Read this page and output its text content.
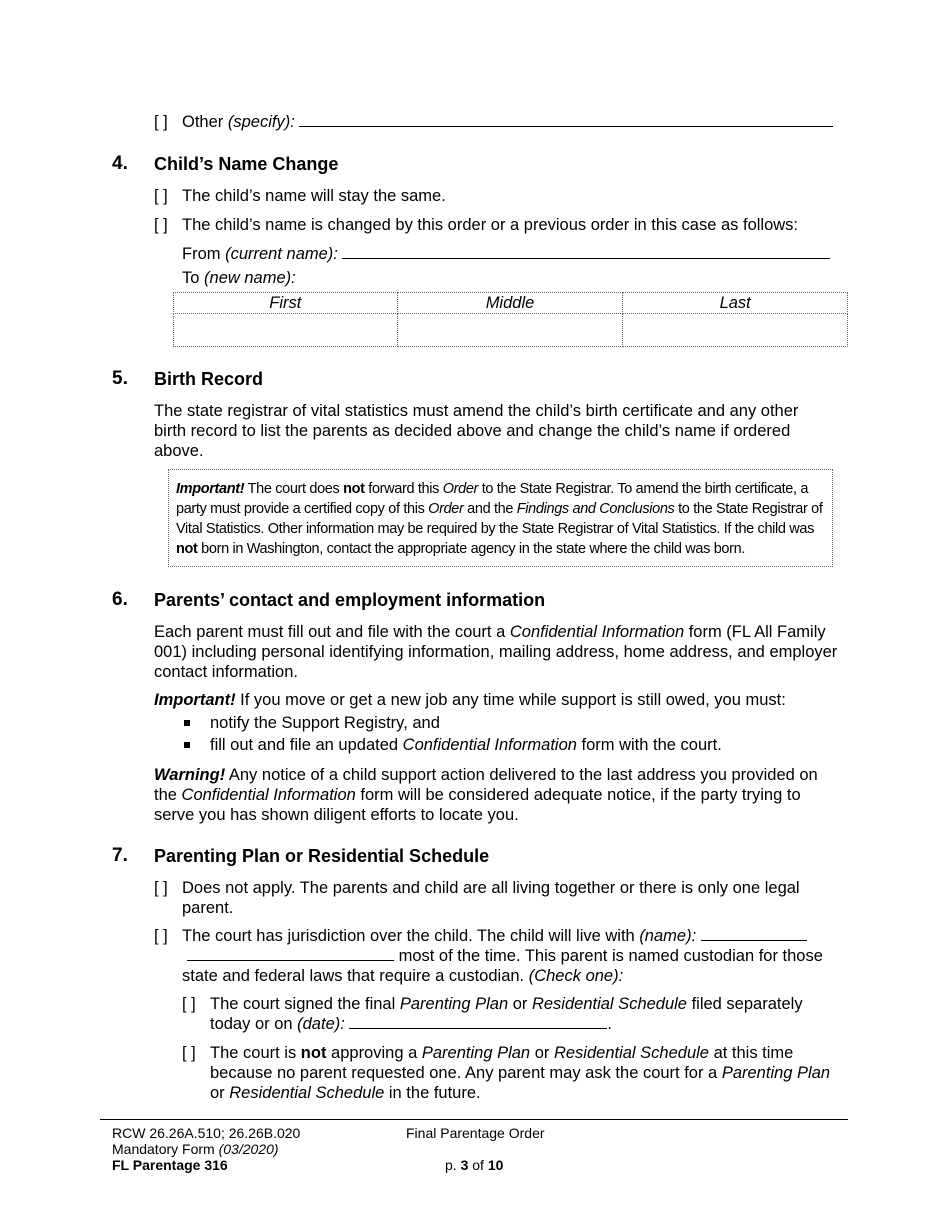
[ ] Other (specify):
4. Child’s Name Change
[ ] The child’s name will stay the same.
[ ] The child’s name is changed by this order or a previous order in this case as follows:
From (current name):
To (new name):
First	Middle	Last

5. Birth Record
The state registrar of vital statistics must amend the child’s birth certificate and any other birth record to list the parents as decided above and change the child’s name if ordered above.
Important! The court does not forward this Order to the State Registrar. To amend the birth certificate, a party must provide a certified copy of this Order and the Findings and Conclusions to the State Registrar of Vital Statistics. Other information may be required by the State Registrar of Vital Statistics. If the child was not born in Washington, contact the appropriate agency in the state where the child was born.
6. Parents’ contact and employment information
Each parent must fill out and file with the court a Confidential Information form (FL All Family 001) including personal identifying information, mailing address, home address, and employer contact information.
Important! If you move or get a new job any time while support is still owed, you must:
notify the Support Registry, and
fill out and file an updated Confidential Information form with the court.
Warning! Any notice of a child support action delivered to the last address you provided on the Confidential Information form will be considered adequate notice, if the party trying to serve you has shown diligent efforts to locate you.
7. Parenting Plan or Residential Schedule
[ ] Does not apply. The parents and child are all living together or there is only one legal parent.
[ ] The court has jurisdiction over the child. The child will live with (name):
most of the time. This parent is named custodian for those state and federal laws that require a custodian. (Check one):
[ ] The court signed the final Parenting Plan or Residential Schedule filed separately today or on (date):	.
[ ] The court is not approving a Parenting Plan or Residential Schedule at this time because no parent requested one. Any parent may ask the court for a Parenting Plan or Residential Schedule in the future.
RCW 26.26A.510; 26.26B.020
Mandatory Form (03/2020)
FL Parentage 316
Final Parentage Order
p. 3 of 10
